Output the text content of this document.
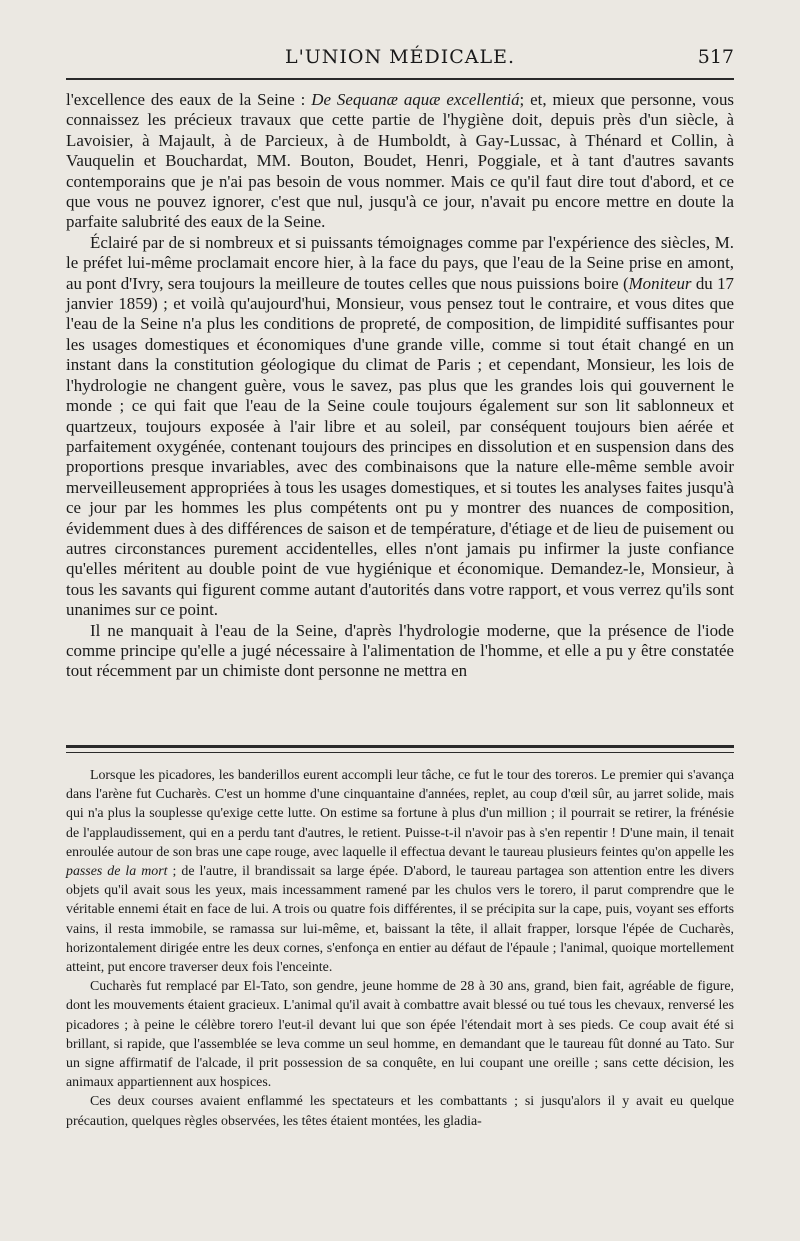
L'UNION MÉDICALE.	517

l'excellence des eaux de la Seine : De Sequanæ aquæ excellentiá; et, mieux que personne, vous connaissez les précieux travaux que cette partie de l'hygiène doit, depuis près d'un siècle, à Lavoisier, à Majault, à de Parcieux, à de Humboldt, à Gay-Lussac, à Thénard et Collin, à Vauquelin et Bouchardat, MM. Bouton, Boudet, Henri, Poggiale, et à tant d'autres savants contemporains que je n'ai pas besoin de vous nommer. Mais ce qu'il faut dire tout d'abord, et ce que vous ne pouvez ignorer, c'est que nul, jusqu'à ce jour, n'avait pu encore mettre en doute la parfaite salubrité des eaux de la Seine.

Éclairé par de si nombreux et si puissants témoignages comme par l'expérience des siècles, M. le préfet lui-même proclamait encore hier, à la face du pays, que l'eau de la Seine prise en amont, au pont d'Ivry, sera toujours la meilleure de toutes celles que nous puissions boire (Moniteur du 17 janvier 1859) ; et voilà qu'aujourd'hui, Monsieur, vous pensez tout le contraire, et vous dites que l'eau de la Seine n'a plus les conditions de propreté, de composition, de limpidité suffisantes pour les usages domestiques et économiques d'une grande ville, comme si tout était changé en un instant dans la constitution géologique du climat de Paris ; et cependant, Monsieur, les lois de l'hydrologie ne changent guère, vous le savez, pas plus que les grandes lois qui gouvernent le monde ; ce qui fait que l'eau de la Seine coule toujours également sur son lit sablonneux et quartzeux, toujours exposée à l'air libre et au soleil, par conséquent toujours bien aérée et parfaitement oxygénée, contenant toujours des principes en dissolution et en suspension dans des proportions presque invariables, avec des combinaisons que la nature elle-même semble avoir merveilleusement appropriées à tous les usages domestiques, et si toutes les analyses faites jusqu'à ce jour par les hommes les plus compétents ont pu y montrer des nuances de composition, évidemment dues à des différences de saison et de température, d'étiage et de lieu de puisement ou autres circonstances purement accidentelles, elles n'ont jamais pu infirmer la juste confiance qu'elles méritent au double point de vue hygiénique et économique. Demandez-le, Monsieur, à tous les savants qui figurent comme autant d'autorités dans votre rapport, et vous verrez qu'ils sont unanimes sur ce point.

Il ne manquait à l'eau de la Seine, d'après l'hydrologie moderne, que la présence de l'iode comme principe qu'elle a jugé nécessaire à l'alimentation de l'homme, et elle a pu y être constatée tout récemment par un chimiste dont personne ne mettra en

Lorsque les picadores, les banderillos eurent accompli leur tâche, ce fut le tour des toreros. Le premier qui s'avança dans l'arène fut Cucharès. C'est un homme d'une cinquantaine d'années, replet, au coup d'œil sûr, au jarret solide, mais qui n'a plus la souplesse qu'exige cette lutte. On estime sa fortune à plus d'un million ; il pourrait se retirer, la frénésie de l'applaudissement, qui en a perdu tant d'autres, le retient. Puisse-t-il n'avoir pas à s'en repentir ! D'une main, il tenait enroulée autour de son bras une cape rouge, avec laquelle il effectua devant le taureau plusieurs feintes qu'on appelle les passes de la mort ; de l'autre, il brandissait sa large épée. D'abord, le taureau partagea son attention entre les divers objets qu'il avait sous les yeux, mais incessamment ramené par les chulos vers le torero, il parut comprendre que le véritable ennemi était en face de lui. A trois ou quatre fois différentes, il se précipita sur la cape, puis, voyant ses efforts vains, il resta immobile, se ramassa sur lui-même, et, baissant la tête, il allait frapper, lorsque l'épée de Cucharès, horizontalement dirigée entre les deux cornes, s'enfonça en entier au défaut de l'épaule ; l'animal, quoique mortellement atteint, put encore traverser deux fois l'enceinte.

Cucharès fut remplacé par El-Tato, son gendre, jeune homme de 28 à 30 ans, grand, bien fait, agréable de figure, dont les mouvements étaient gracieux. L'animal qu'il avait à combattre avait blessé ou tué tous les chevaux, renversé les picadores ; à peine le célèbre torero l'eut-il devant lui que son épée l'étendait mort à ses pieds. Ce coup avait été si brillant, si rapide, que l'assemblée se leva comme un seul homme, en demandant que le taureau fût donné au Tato. Sur un signe affirmatif de l'alcade, il prit possession de sa conquête, en lui coupant une oreille ; sans cette décision, les animaux appartiennent aux hospices.

Ces deux courses avaient enflammé les spectateurs et les combattants ; si jusqu'alors il y avait eu quelque précaution, quelques règles observées, les têtes étaient montées, les gladia-
